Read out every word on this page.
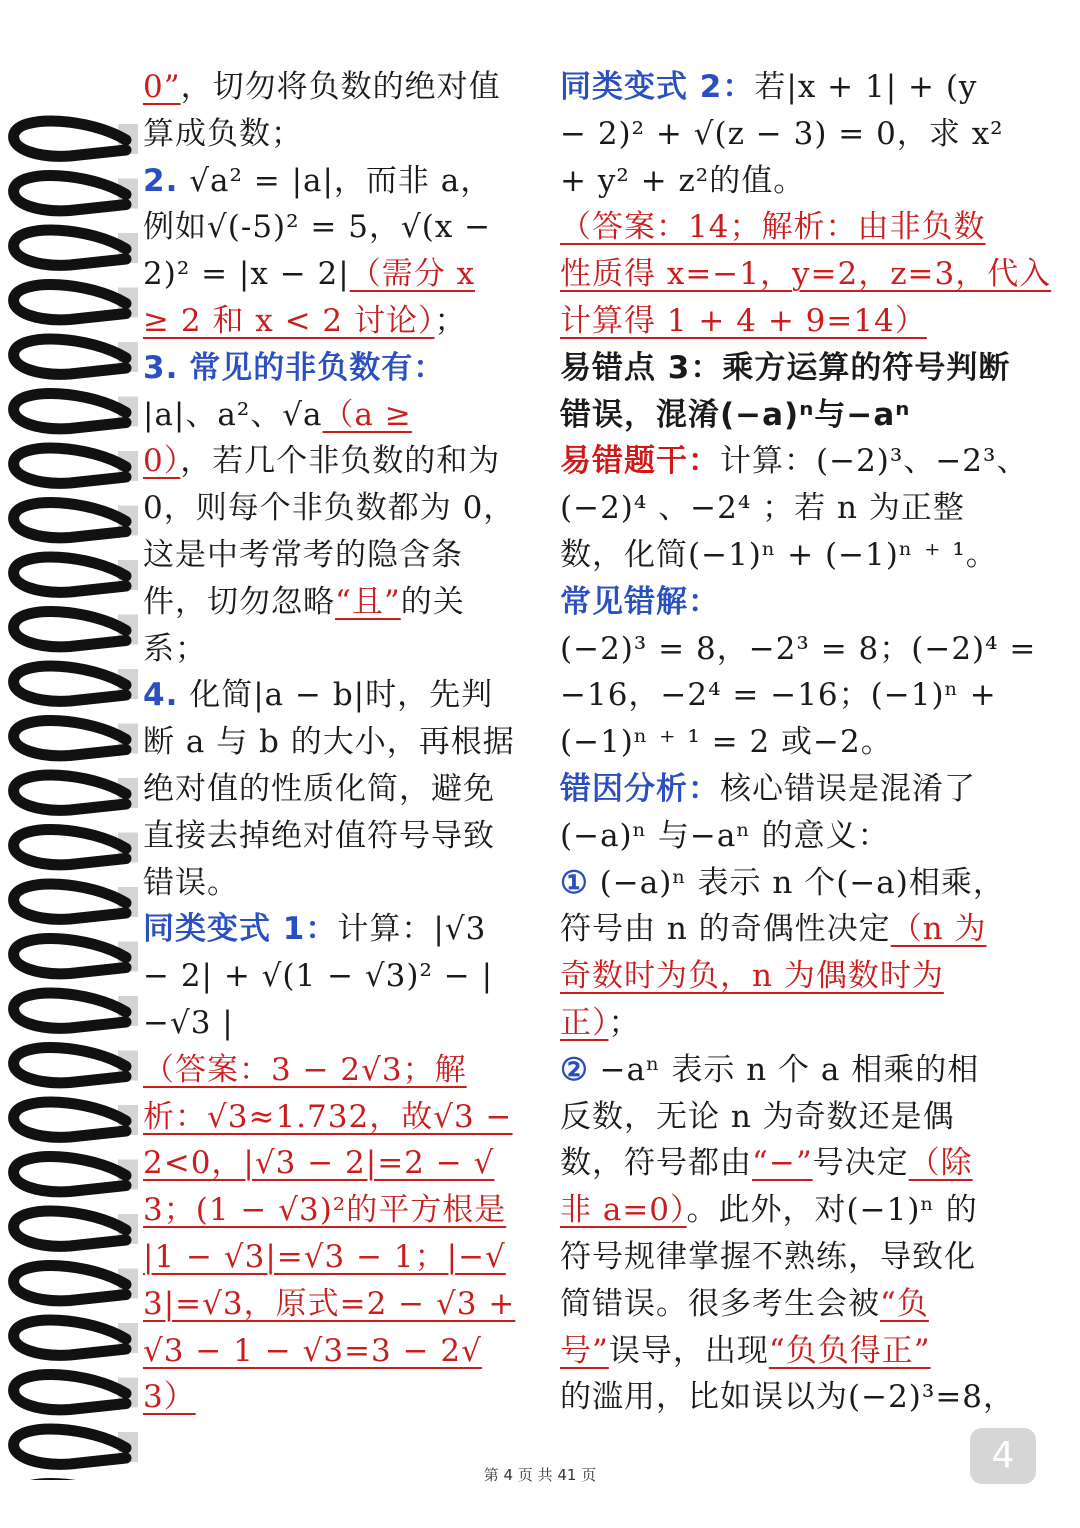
0”，切勿将负数的绝对值
算成负数；
2. √a² = |a|，而非 a，
例如√(-5)² = 5，√(x −
2)² = |x − 2|（需分 x
≥ 2 和 x < 2 讨论）；
3. 常见的非负数有：
|a|、a²、√a（a ≥
0），若几个非负数的和为
0，则每个非负数都为 0，
这是中考常考的隐含条
件，切勿忽略“且”的关
系；
4. 化简|a − b|时，先判
断 a 与 b 的大小，再根据
绝对值的性质化简，避免
直接去掉绝对值符号导致
错误。
同类变式 1：计算：|√3
− 2| + √(1 − √3)² − |
−√3 |
（答案：3 − 2√3；解
析：√3≈1.732，故√3 −
2<0，|√3 − 2|=2 − √
3；(1 − √3)²的平方根是
|1 − √3|=√3 − 1；|−√
3|=√3，原式=2 − √3 +
√3 − 1 − √3=3 − 2√
3）
同类变式 2：若|x + 1| + (y
− 2)² + √(z − 3) = 0，求 x²
+ y² + z²的值。
（答案：14；解析：由非负数
性质得 x=−1，y=2，z=3，代入
计算得 1 + 4 + 9=14）
易错点 3：乘方运算的符号判断
错误，混淆(−a)ⁿ与−aⁿ
易错题干：计算：(−2)³、−2³、
(−2)⁴ 、−2⁴ ；若 n 为正整
数，化简(−1)ⁿ + (−1)ⁿ ⁺ ¹。
常见错解：
(−2)³ = 8，−2³ = 8；(−2)⁴ =
−16，−2⁴ = −16；(−1)ⁿ +
(−1)ⁿ ⁺ ¹ = 2 或−2。
错因分析：核心错误是混淆了
(−a)ⁿ 与−aⁿ 的意义：
① (−a)ⁿ 表示 n 个(−a)相乘，
符号由 n 的奇偶性决定（n 为
奇数时为负，n 为偶数时为
正）；
② −aⁿ 表示 n 个 a 相乘的相
反数，无论 n 为奇数还是偶
数，符号都由“−”号决定（除
非 a=0）。此外，对(−1)ⁿ 的
符号规律掌握不熟练，导致化
简错误。很多考生会被“负
号”误导，出现“负负得正”
的滥用，比如误以为(−2)³=8，
第 4 页 共 41 页	4
